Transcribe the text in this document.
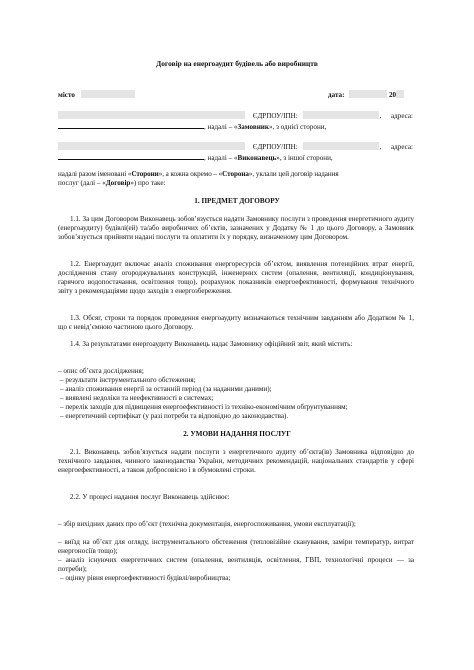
Договір на енергоаудит будівель або виробництв
місто	дата:	20
ЄДРПОУ/ІПН:	, адреса:
, надалі – «Замовник», з однієї сторони,
ЄДРПОУ/ІПН:	, адреса:
, надалі – «Виконавець», з іншої сторони,
надалі разом іменовані «Сторони», а кожна окремо – «Сторона», уклали цей договір надання
послуг (далі – «Договір») про таке:
1. ПРЕДМЕТ ДОГОВОРУ
1.1. За цим Договором Виконавець зобов’язується надати Замовнику послуги з проведення енергетичного аудиту (енергоаудиту) будівлі(ей) та/або виробничих об’єктів, зазначених у Додатку № 1 до цього Договору, а Замовник зобов’язується прийняти надані послуги та оплатити їх у порядку, визначеному цим Договором.
1.2. Енергоаудит включає аналіз споживання енергоресурсів об’єктом, виявлення потенційних втрат енергії, дослідження стану огороджувальних конструкцій, інженерних систем (опалення, вентиляції, кондиціонування, гарячого водопостачання, освітлення тощо), розрахунок показників енергоефективності, формування технічного звіту з рекомендаціями щодо заходів з енергозбереження.
1.3. Обсяг, строки та порядок проведення енергоаудиту визначаються технічним завданням або Додатком № 1, що є невід’ємною частиною цього Договору.
1.4. За результатами енергоаудиту Виконавець надає Замовнику офіційний звіт, який містить:
– опис об’єкта дослідження;
– результати інструментального обстеження;
– аналіз споживання енергії за останній період (за наданими даними);
– виявлені недоліки та неефективності в системах;
– перелік заходів для підвищення енергоефективності із техніко-економічним обґрунтуванням;
– енергетичний сертифікат (у разі потреби та відповідно до законодавства).
2. УМОВИ НАДАННЯ ПОСЛУГ
2.1. Виконавець зобов’язується надати послуги з енергетичного аудиту об’єкта(ів) Замовника відповідно до технічного завдання, чинного законодавства України, методичних рекомендацій, національних стандартів у сфері енергоефективності, а також добросовісно і в обумовлені строки.
2.2. У процесі надання послуг Виконавець здійснює:
– збір вихідних даних про об’єкт (технічна документація, енергоспоживання, умови експлуатації);
– виїзд на об’єкт для огляду, інструментального обстеження (тепловізійне сканування, заміри температур, витрат енергоносіїв тощо);
– аналіз існуючих енергетичних систем (опалення, вентиляція, освітлення, ГВП, технологічні процеси — за потреби);
– оцінку рівня енергоефективності будівлі/виробництва;
